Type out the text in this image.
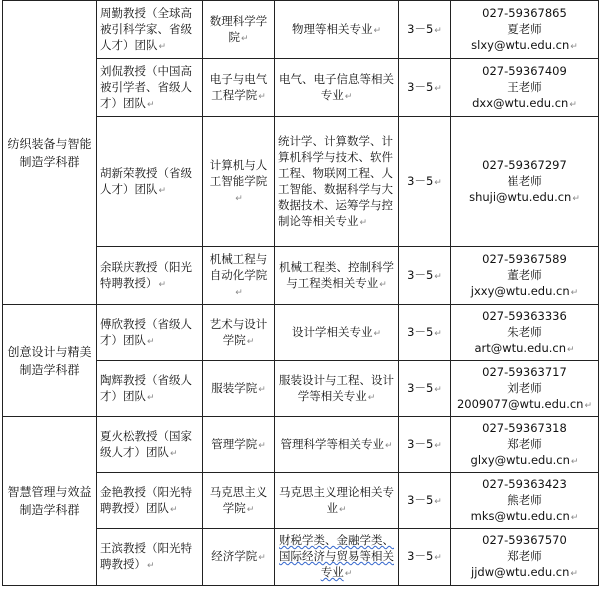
纺织装备与智能制造学科群	周勤教授（全球高被引科学家、省级人才）团队↵	数理科学学院↵	物理等相关专业↵	3－5↵	027-59367865
夏老师
slxy@wtu.edu.cn↵

	刘侃教授（中国高被引学者、省级人才）团队↵	电子与电气工程学院↵	电气、电子信息等相关专业↵	3－5↵	027-59367409
王老师
dxx@wtu.edu.cn↵

	胡新荣教授（省级人才）团队↵	计算机与人工智能学院↵	统计学、计算数学、计算机科学与技术、软件工程、物联网工程、人工智能、数据科学与大数据技术、运筹学与控制论等相关专业↵	3－5↵	027-59367297
崔老师
shuji@wtu.edu.cn↵

	余联庆教授（阳光特聘教授）↵	机械工程与自动化学院↵	机械工程类、控制科学与工程类相关专业↵	3－5↵	027-59367589
董老师
jxxy@wtu.edu.cn↵

创意设计与精美制造学科群	傅欣教授（省级人才）团队↵	艺术与设计学院↵	设计学相关专业↵	3－5↵	027-59363336
朱老师
art@wtu.edu.cn↵

	陶辉教授（省级人才）团队↵	服装学院↵	服装设计与工程、设计学等相关专业↵	3－5↵	027-59363717
刘老师
2009077@wtu.edu.cn↵

智慧管理与效益制造学科群	夏火松教授（国家级人才）团队↵	管理学院↵	管理科学等相关专业↵	3－5↵	027-59367318
郑老师
glxy@wtu.edu.cn↵

	金艳教授（阳光特聘教授）团队↵	马克思主义学院↵	马克思主义理论相关专业↵	3－5↵	027-59363423
熊老师
mks@wtu.edu.cn↵

	王滨教授（阳光特聘教授）↵	经济学院↵	财税学类、金融学类、国际经济与贸易等相关专业↵	3－5↵	027-59367570
郑老师
jjdw@wtu.edu.cn↵
